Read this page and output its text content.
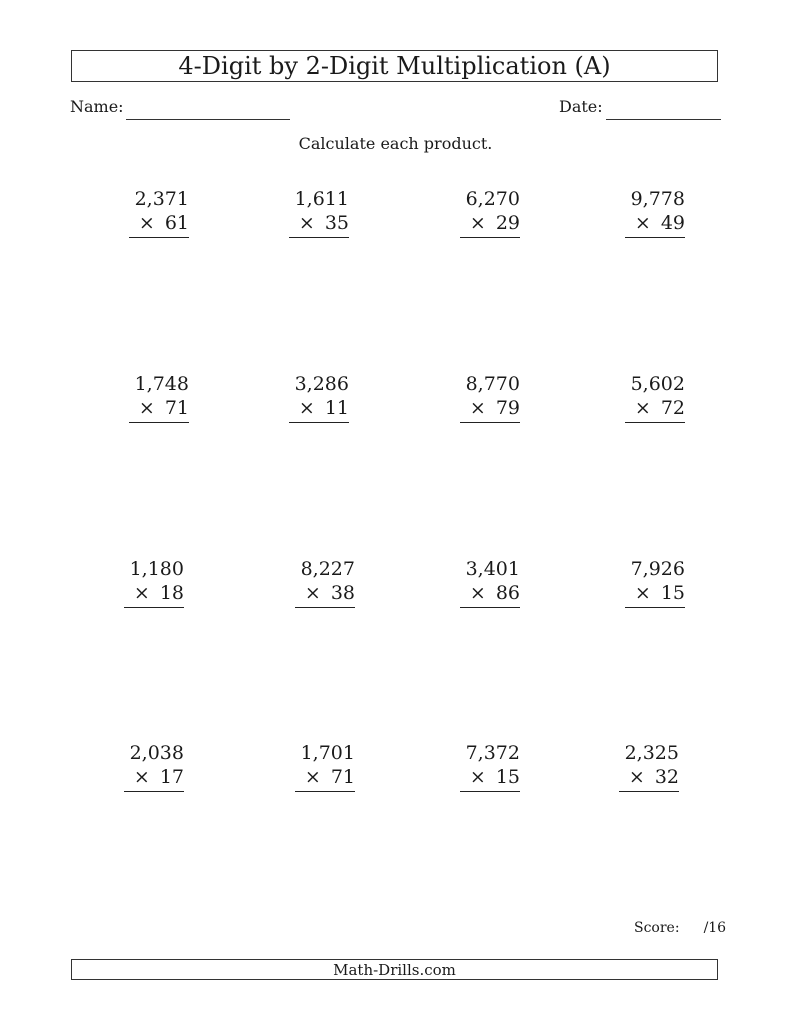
4-Digit by 2-Digit Multiplication (A)
Name:	Date:
Calculate each product.
2,371
× 61
1,611
× 35
6,270
× 29
9,778
× 49
1,748
× 71
3,286
× 11
8,770
× 79
5,602
× 72
1,180
× 18
8,227
× 38
3,401
× 86
7,926
× 15
2,038
× 17
1,701
× 71
7,372
× 15
2,325
× 32
Score: /16
Math-Drills.com
